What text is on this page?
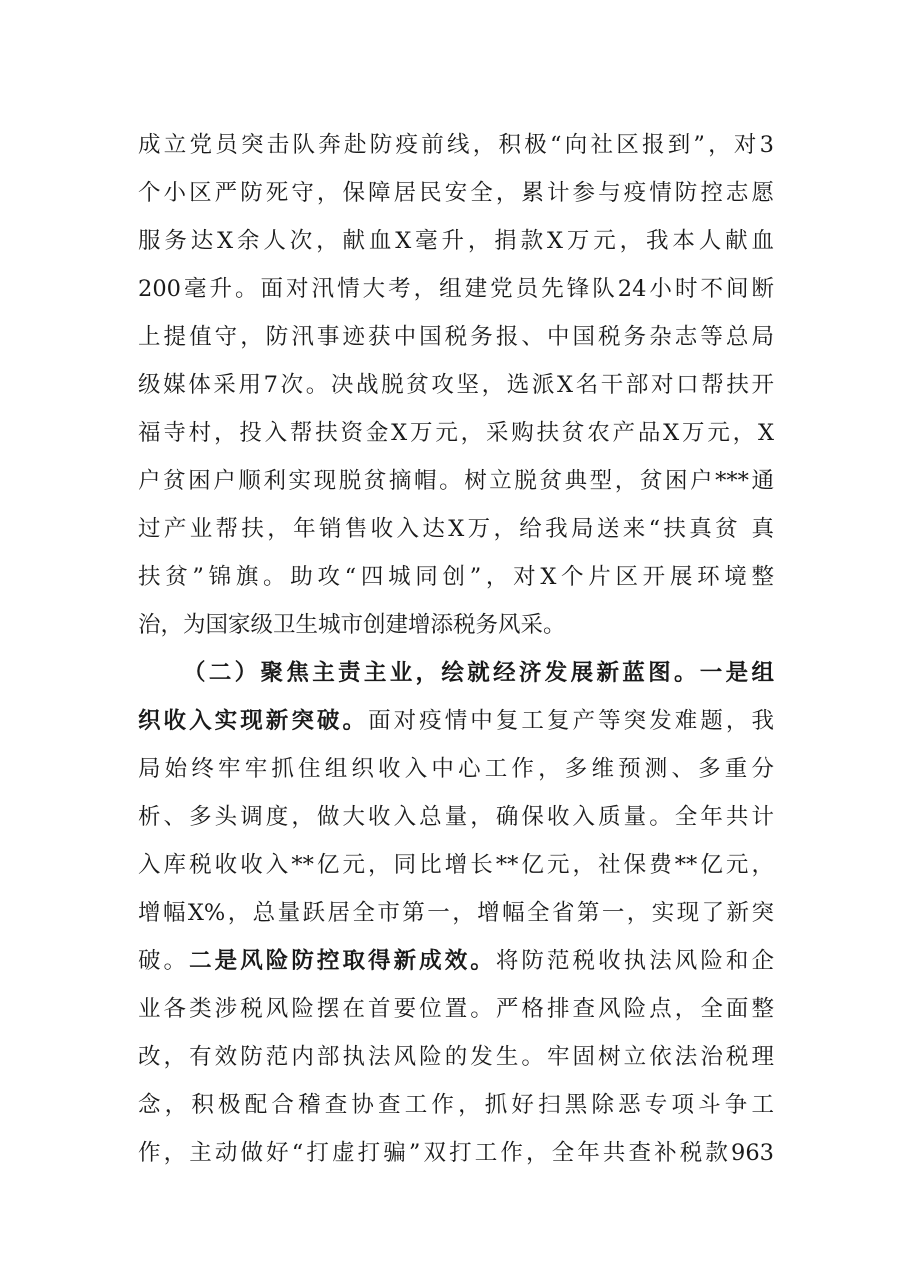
成立党员突击队奔赴防疫前线，积极“向社区报到”，对3
个小区严防死守，保障居民安全，累计参与疫情防控志愿
服务达X余人次，献血X毫升，捐款X万元，我本人献血
200毫升。面对汛情大考，组建党员先锋队24小时不间断
上提值守，防汛事迹获中国税务报、中国税务杂志等总局
级媒体采用7次。决战脱贫攻坚，选派X名干部对口帮扶开
福寺村，投入帮扶资金X万元，采购扶贫农产品X万元，X
户贫困户顺利实现脱贫摘帽。树立脱贫典型，贫困户***通
过产业帮扶，年销售收入达X万，给我局送来“扶真贫 真
扶贫”锦旗。助攻“四城同创”，对X个片区开展环境整
治，为国家级卫生城市创建增添税务风采。
（二）聚焦主责主业，绘就经济发展新蓝图。一是组
织收入实现新突破。面对疫情中复工复产等突发难题，我
局始终牢牢抓住组织收入中心工作，多维预测、多重分
析、多头调度，做大收入总量，确保收入质量。全年共计
入库税收收入**亿元，同比增长**亿元，社保费**亿元，
增幅X%，总量跃居全市第一，增幅全省第一，实现了新突
破。二是风险防控取得新成效。将防范税收执法风险和企
业各类涉税风险摆在首要位置。严格排查风险点，全面整
改，有效防范内部执法风险的发生。牢固树立依法治税理
念，积极配合稽查协查工作，抓好扫黑除恶专项斗争工
作，主动做好“打虚打骗”双打工作，全年共查补税款963
